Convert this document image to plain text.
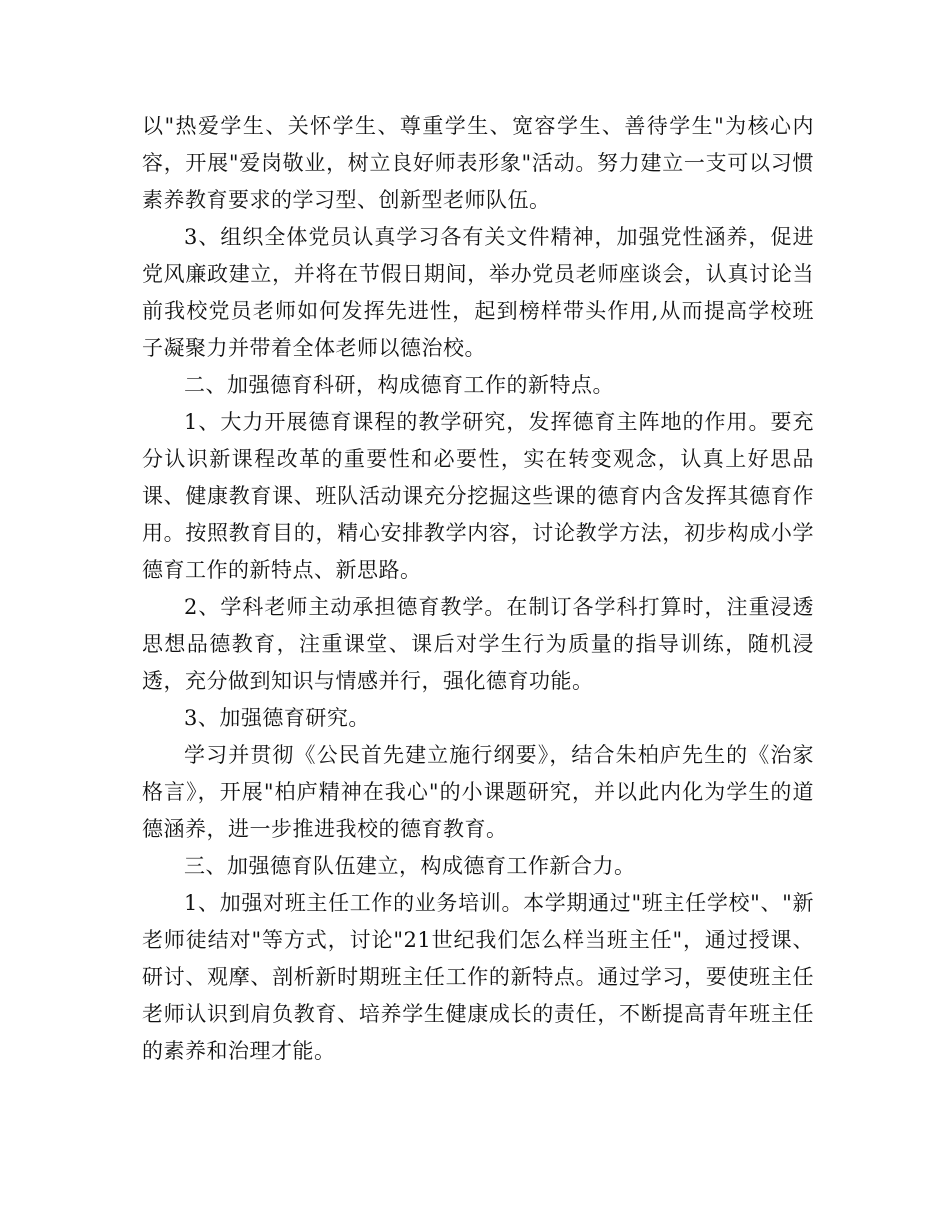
以"热爱学生、关怀学生、尊重学生、宽容学生、善待学生"为核心内容，开展"爱岗敬业，树立良好师表形象"活动。努力建立一支可以习惯素养教育要求的学习型、创新型老师队伍。

3、组织全体党员认真学习各有关文件精神，加强党性涵养，促进党风廉政建立，并将在节假日期间，举办党员老师座谈会，认真讨论当前我校党员老师如何发挥先进性，起到榜样带头作用,从而提高学校班子凝聚力并带着全体老师以德治校。

二、加强德育科研，构成德育工作的新特点。

1、大力开展德育课程的教学研究，发挥德育主阵地的作用。要充分认识新课程改革的重要性和必要性，实在转变观念，认真上好思品课、健康教育课、班队活动课充分挖掘这些课的德育内含发挥其德育作用。按照教育目的，精心安排教学内容，讨论教学方法，初步构成小学德育工作的新特点、新思路。

2、学科老师主动承担德育教学。在制订各学科打算时，注重浸透思想品德教育，注重课堂、课后对学生行为质量的指导训练，随机浸透，充分做到知识与情感并行，强化德育功能。

3、加强德育研究。

学习并贯彻《公民首先建立施行纲要》，结合朱柏庐先生的《治家格言》，开展"柏庐精神在我心"的小课题研究，并以此内化为学生的道德涵养，进一步推进我校的德育教育。

三、加强德育队伍建立，构成德育工作新合力。

1、加强对班主任工作的业务培训。本学期通过"班主任学校"、"新老师徒结对"等方式，讨论"21世纪我们怎么样当班主任"，通过授课、研讨、观摩、剖析新时期班主任工作的新特点。通过学习，要使班主任老师认识到肩负教育、培养学生健康成长的责任，不断提高青年班主任的素养和治理才能。
